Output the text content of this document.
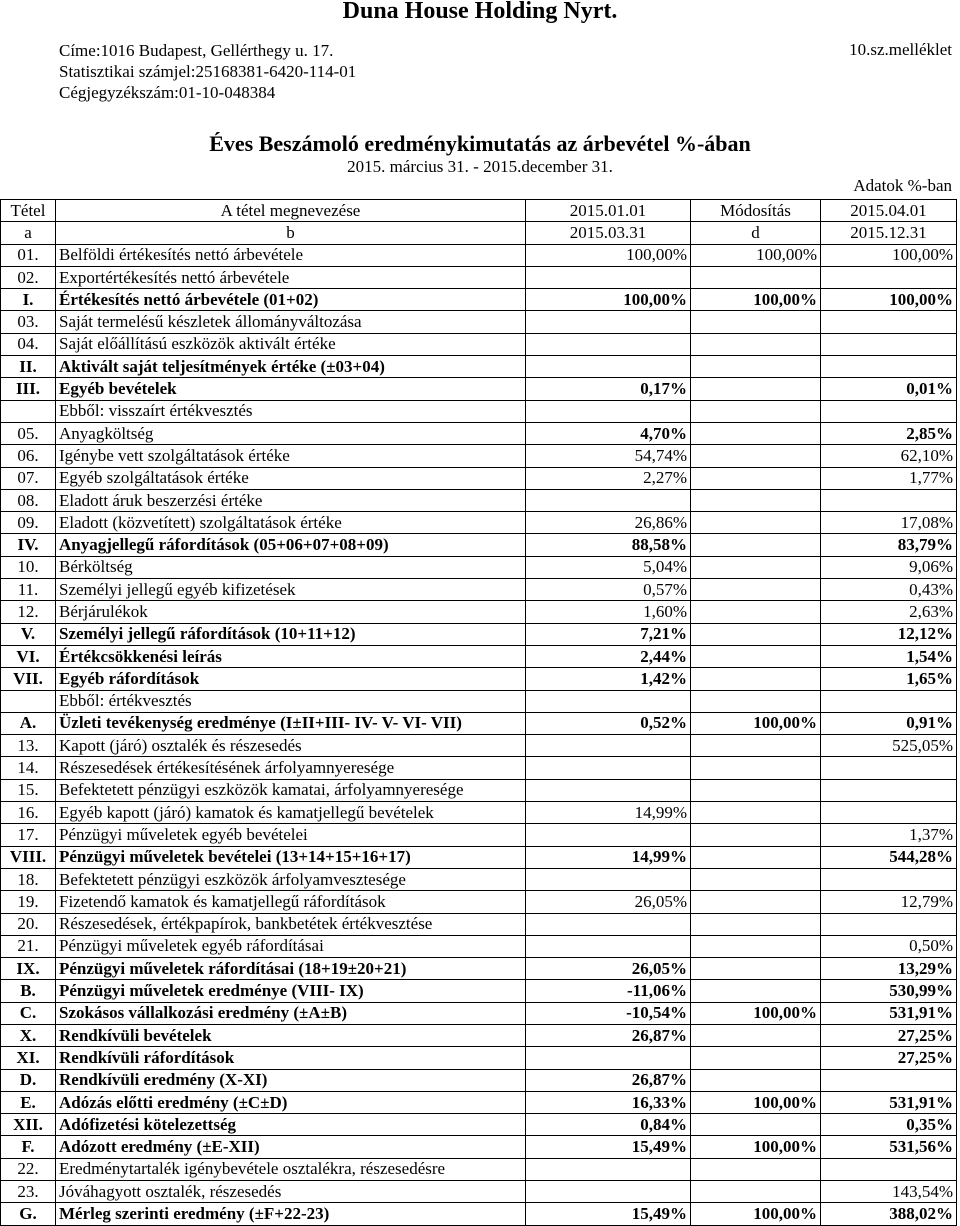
Duna House Holding Nyrt.
Címe:1016 Budapest, Gellérthegy u. 17.
Statisztikai számjel:25168381-6420-114-01
Cégjegyzékszám:01-10-048384
10.sz.melléklet
Éves Beszámoló eredménykimutatás az árbevétel %-ában
2015. március 31. - 2015.december 31.
Adatok %-ban
Tétel	A tétel megnevezése	2015.01.01	Módosítás	2015.04.01
a	b	2015.03.31	d	2015.12.31
01.	Belföldi értékesítés nettó árbevétele	100,00%	100,00%	100,00%
02.	Exportértékesítés nettó árbevétele			
I.	Értékesítés nettó árbevétele (01+02)	100,00%	100,00%	100,00%
03.	Saját termelésű készletek állományváltozása			
04.	Saját előállítású eszközök aktivált értéke			
II.	Aktivált saját teljesítmények értéke (±03+04)			
III.	Egyéb bevételek	0,17%		0,01%
	Ebből: visszaírt értékvesztés			
05.	Anyagköltség	4,70%		2,85%
06.	Igénybe vett szolgáltatások értéke	54,74%		62,10%
07.	Egyéb szolgáltatások értéke	2,27%		1,77%
08.	Eladott áruk beszerzési értéke			
09.	Eladott (közvetített) szolgáltatások értéke	26,86%		17,08%
IV.	Anyagjellegű ráfordítások (05+06+07+08+09)	88,58%		83,79%
10.	Bérköltség	5,04%		9,06%
11.	Személyi jellegű egyéb kifizetések	0,57%		0,43%
12.	Bérjárulékok	1,60%		2,63%
V.	Személyi jellegű ráfordítások (10+11+12)	7,21%		12,12%
VI.	Értékcsökkenési leírás	2,44%		1,54%
VII.	Egyéb ráfordítások	1,42%		1,65%
	Ebből: értékvesztés			
A.	Üzleti tevékenység eredménye (I±II+III- IV- V- VI- VII)	0,52%	100,00%	0,91%
13.	Kapott (járó) osztalék és részesedés			525,05%
14.	Részesedések értékesítésének árfolyamnyeresége			
15.	Befektetett pénzügyi eszközök kamatai, árfolyamnyeresége			
16.	Egyéb kapott (járó) kamatok és kamatjellegű bevételek	14,99%		
17.	Pénzügyi műveletek egyéb bevételei			1,37%
VIII.	Pénzügyi műveletek bevételei (13+14+15+16+17)	14,99%		544,28%
18.	Befektetett pénzügyi eszközök árfolyamvesztesége			
19.	Fizetendő kamatok és kamatjellegű ráfordítások	26,05%		12,79%
20.	Részesedések, értékpapírok, bankbetétek értékvesztése			
21.	Pénzügyi műveletek egyéb ráfordításai			0,50%
IX.	Pénzügyi műveletek ráfordításai (18+19±20+21)	26,05%		13,29%
B.	Pénzügyi műveletek eredménye (VIII- IX)	-11,06%		530,99%
C.	Szokásos vállalkozási eredmény (±A±B)	-10,54%	100,00%	531,91%
X.	Rendkívüli bevételek	26,87%		27,25%
XI.	Rendkívüli ráfordítások			27,25%
D.	Rendkívüli eredmény (X-XI)	26,87%		
E.	Adózás előtti eredmény (±C±D)	16,33%	100,00%	531,91%
XII.	Adófizetési kötelezettség	0,84%		0,35%
F.	Adózott eredmény (±E-XII)	15,49%	100,00%	531,56%
22.	Eredménytartalék igénybevétele osztalékra, részesedésre			
23.	Jóváhagyott osztalék, részesedés			143,54%
G.	Mérleg szerinti eredmény (±F+22-23)	15,49%	100,00%	388,02%
